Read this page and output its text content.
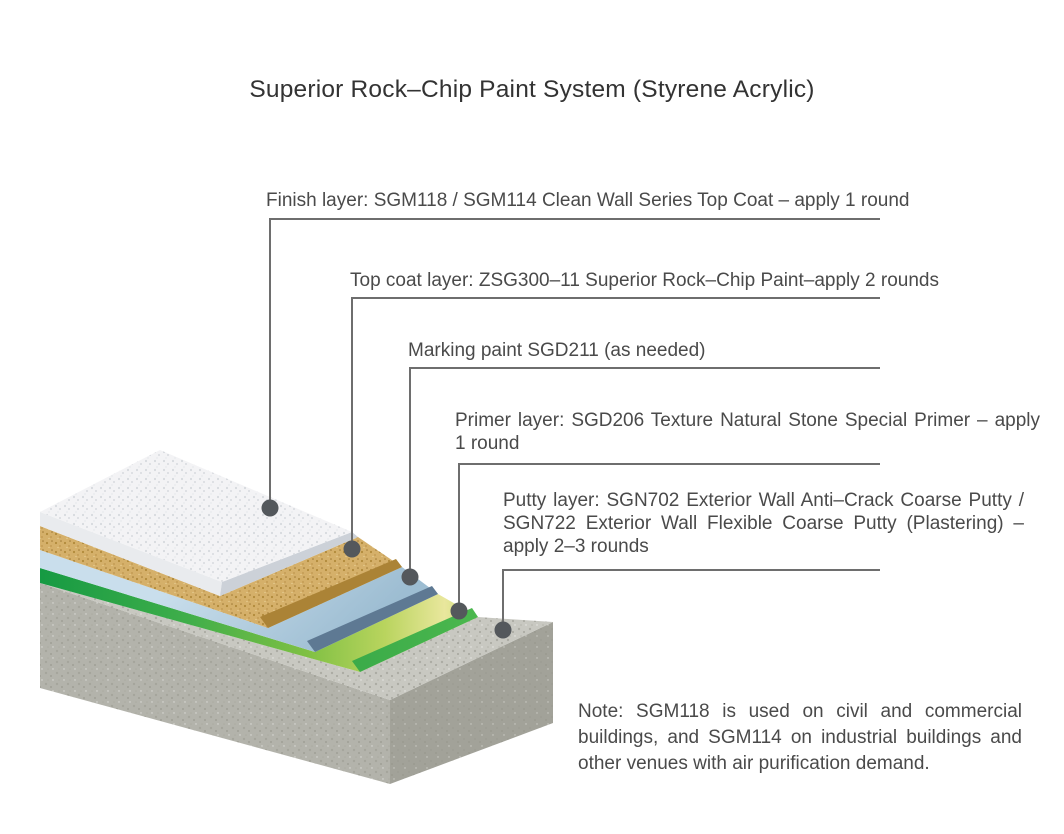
Superior Rock–Chip Paint System (Styrene Acrylic)
Finish layer: SGM118 / SGM114 Clean Wall Series Top Coat – apply 1 round
Top coat layer: ZSG300–11 Superior Rock–Chip Paint–apply 2 rounds
Marking paint SGD211 (as needed)
Primer layer: SGD206 Texture Natural Stone Special Primer – apply 1 round
Putty layer: SGN702 Exterior Wall Anti–Crack Coarse Putty / SGN722 Exterior Wall Flexible Coarse Putty (Plastering) – apply 2–3 rounds
Note: SGM118 is used on civil and commercial buildings, and SGM114 on industrial buildings and other venues with air purification demand.
